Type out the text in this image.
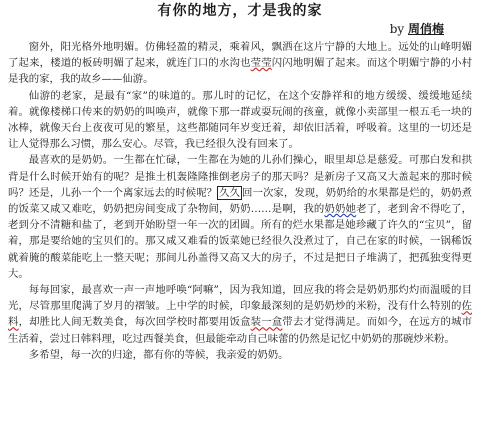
有你的地方，才是我的家
by 周俏梅

窗外，阳光格外地明媚。仿佛轻盈的精灵，乘着风，飘洒在这片宁静的大地上。远处的山峰明媚了起来，楼道的板砖明媚了起来，就连门口的水沟也莹莹闪闪地明媚了起来。而这个明媚宁静的小村是我的家，我的故乡——仙游。

仙游的老家，是最有“家”的味道的。那儿时的记忆，在这个安静祥和的地方缓缓、缓缓地延续着。就像楼梯口传来的奶奶的叫唤声，就像下那一群或耍玩闹的孩童，就像小卖部里一根五毛一块的冰棒，就像天台上夜夜可见的繁星，这些都随同年岁变迁着，却依旧活着，呼吸着。这里的一切还是让人觉得那么习惯，那么安心。尽管，我已经很久没有回来了。

最喜欢的是奶奶。一生都在忙碌，一生都在为她的儿孙们操心，眼里却总是慈爱。可那白发和拱背是什么时候开始有的呢？是推土机轰隆隆推倒老房子的那天吗？是新房子又高又大盖起来的那时候吗？还是，儿孙一个一个离家远去的时候呢？ 久久 回一次家，发现，奶奶给的水果都是烂的，奶奶煮的饭菜又咸又难吃，奶奶把房间变成了杂物间，奶奶……是啊，我的奶奶她老了，老到舍不得吃了，老到分不清糖和盐了，老到开始盼望一年一次的团圆。所有的烂水果都是她珍藏了许久的“宝贝”，留着，那是要给她的宝贝们的。那又咸又难看的饭菜她已经很久没煮过了，自己在家的时候，一锅稀饭就着腌的酸菜能吃上一整天呢；那间儿孙盖得又高又大的房子，不过是把日子堆满了，把孤独变得更大。

每每回家，最喜欢一声一声地呼唤“阿嘛”，因为我知道，回应我的将会是奶奶那灼灼而温暖的目光，尽管那里爬满了岁月的褶皱。上中学的时候，印象最深刻的是奶奶炒的米粉，没有什么特别的佐料，却胜比人间无数美食，每次回学校时都要用饭盒装一盒带去才觉得满足。而如今，在远方的城市生活着，尝过日韩料理，吃过西餐美食，但最能牵动自己味蕾的仍然是记忆中奶奶的那碗炒米粉。

多希望，每一次的归途，都有你的等候，我亲爱的奶奶。
